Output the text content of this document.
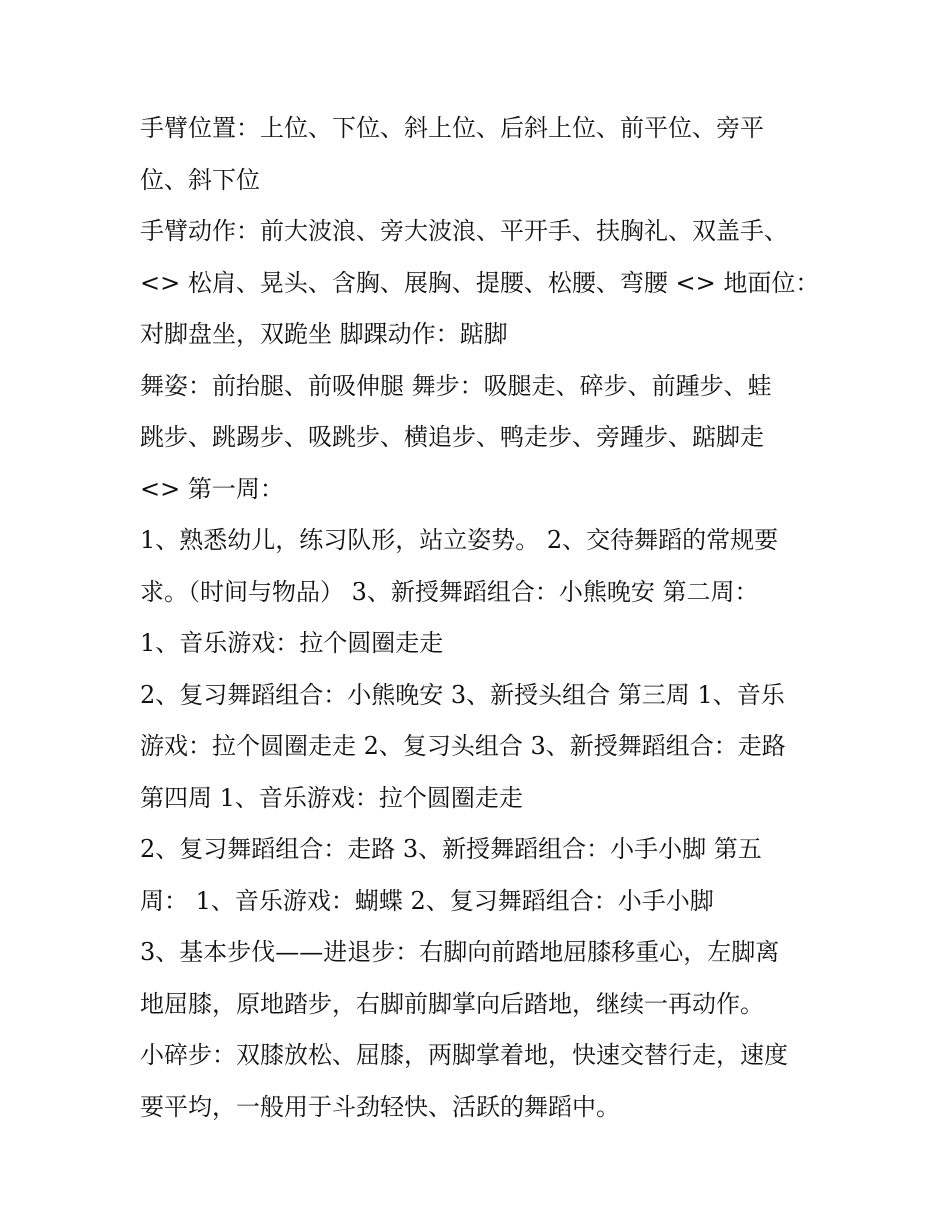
手臂位置：上位、下位、斜上位、后斜上位、前平位、旁平
位、斜下位
手臂动作：前大波浪、旁大波浪、平开手、扶胸礼、双盖手、
<> 松肩、晃头、含胸、展胸、提腰、松腰、弯腰 <> 地面位：
对脚盘坐，双跪坐 脚踝动作：踮脚
舞姿：前抬腿、前吸伸腿 舞步：吸腿走、碎步、前踵步、蛙
跳步、跳踢步、吸跳步、横追步、鸭走步、旁踵步、踮脚走
<> 第一周：
1、熟悉幼儿，练习队形，站立姿势。 2、交待舞蹈的常规要
求。（时间与物品） 3、新授舞蹈组合：小熊晚安 第二周：
1、音乐游戏：拉个圆圈走走
2、复习舞蹈组合：小熊晚安 3、新授头组合 第三周 1、音乐
游戏：拉个圆圈走走 2、复习头组合 3、新授舞蹈组合：走路
第四周 1、音乐游戏：拉个圆圈走走
2、复习舞蹈组合：走路 3、新授舞蹈组合：小手小脚 第五
周： 1、音乐游戏：蝴蝶 2、复习舞蹈组合：小手小脚
3、基本步伐——进退步：右脚向前踏地屈膝移重心，左脚离
地屈膝，原地踏步，右脚前脚掌向后踏地，继续一再动作。
小碎步：双膝放松、屈膝，两脚掌着地，快速交替行走，速度
要平均，一般用于斗劲轻快、活跃的舞蹈中。
